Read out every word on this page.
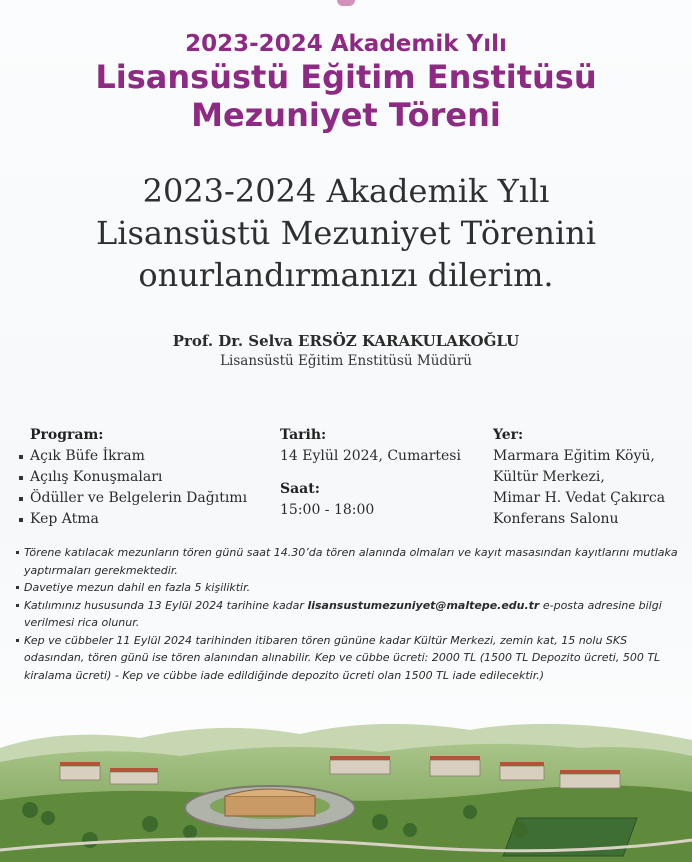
2023-2024 Akademik Yılı
Lisansüstü Eğitim Enstitüsü
Mezuniyet Töreni
2023-2024 Akademik Yılı
Lisansüstü Mezuniyet Törenini
onurlandırmanızı dilerim.
Prof. Dr. Selva ERSÖZ KARAKULAKOĞLU
Lisansüstü Eğitim Enstitüsü Müdürü
Program:
Açık Büfe İkram
Açılış Konuşmaları
Ödüller ve Belgelerin Dağıtımı
Kep Atma
Tarih:
14 Eylül 2024, Cumartesi
Saat:
15:00 - 18:00
Yer:
Marmara Eğitim Köyü,
Kültür Merkezi,
Mimar H. Vedat Çakırca
Konferans Salonu
Törene katılacak mezunların tören günü saat 14.30’da tören alanında olmaları ve kayıt masasından kayıtlarını mutlaka yaptırmaları gerekmektedir.
Davetiye mezun dahil en fazla 5 kişiliktir.
Katılımınız hususunda 13 Eylül 2024 tarihine kadar lisansustumezuniyet@maltepe.edu.tr e-posta adresine bilgi verilmesi rica olunur.
Kep ve cübbeler 11 Eylül 2024 tarihinden itibaren tören gününe kadar Kültür Merkezi, zemin kat, 15 nolu SKS odasından, tören günü ise tören alanından alınabilir. Kep ve cübbe ücreti: 2000 TL (1500 TL Depozito ücreti, 500 TL kiralama ücreti) - Kep ve cübbe iade edildiğinde depozito ücreti olan 1500 TL iade edilecektir.)
